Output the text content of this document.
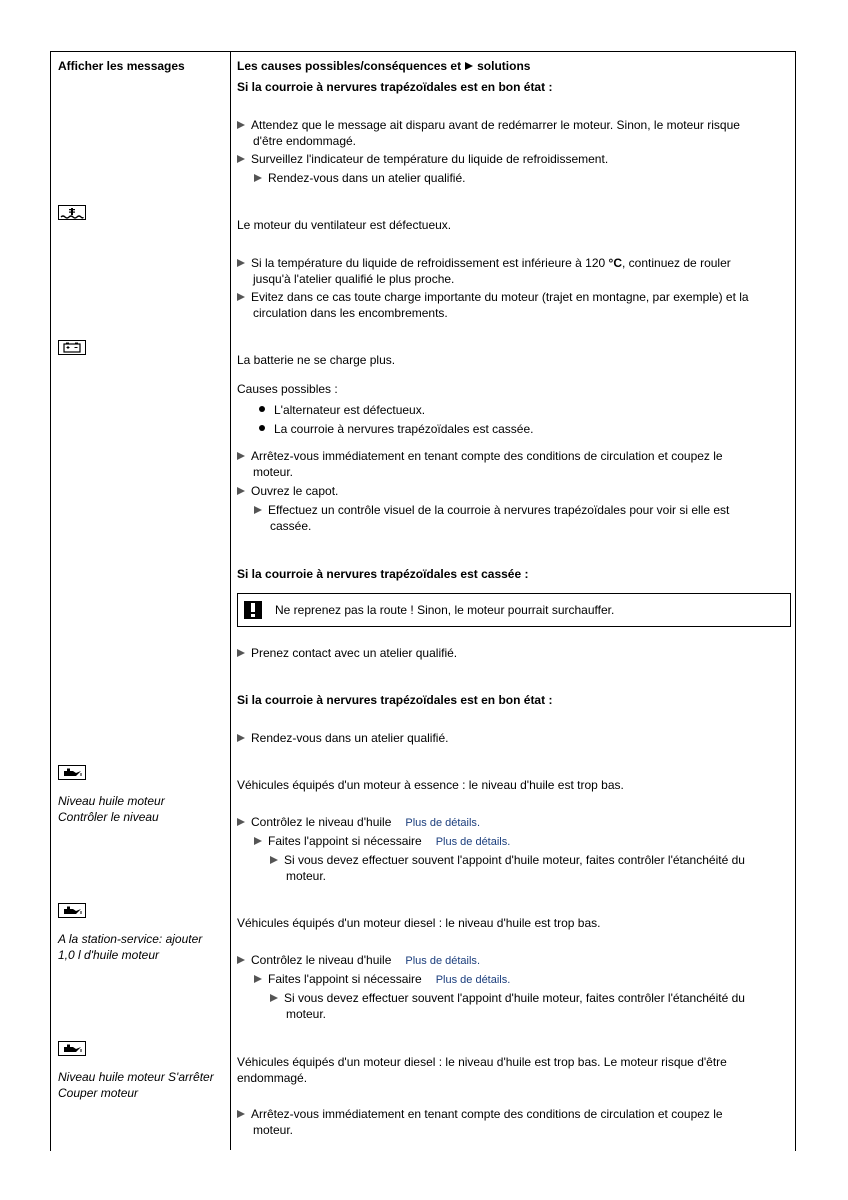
Afficher les messages	Les causes possibles/conséquences et solutions
Si la courroie à nervures trapézoïdales est en bon état :
Attendez que le message ait disparu avant de redémarrer le moteur. Sinon, le moteur risque
d'être endommagé.
Surveillez l'indicateur de température du liquide de refroidissement.
Rendez-vous dans un atelier qualifié.
Le moteur du ventilateur est défectueux.
Si la température du liquide de refroidissement est inférieure à 120 °C, continuez de rouler
jusqu'à l'atelier qualifié le plus proche.
Evitez dans ce cas toute charge importante du moteur (trajet en montagne, par exemple) et la
circulation dans les encombrements.
La batterie ne se charge plus.
Causes possibles :
L'alternateur est défectueux.
La courroie à nervures trapézoïdales est cassée.
Arrêtez-vous immédiatement en tenant compte des conditions de circulation et coupez le
moteur.
Ouvrez le capot.
Effectuez un contrôle visuel de la courroie à nervures trapézoïdales pour voir si elle est
cassée.
Si la courroie à nervures trapézoïdales est cassée :
Ne reprenez pas la route ! Sinon, le moteur pourrait surchauffer.
Prenez contact avec un atelier qualifié.
Si la courroie à nervures trapézoïdales est en bon état :
Rendez-vous dans un atelier qualifié.
Niveau huile moteur
Contrôler le niveau
Véhicules équipés d'un moteur à essence : le niveau d'huile est trop bas.
Contrôlez le niveau d'huile Plus de détails.
Faites l'appoint si nécessaire Plus de détails.
Si vous devez effectuer souvent l'appoint d'huile moteur, faites contrôler l'étanchéité du
moteur.
A la station-service: ajouter
1,0 l d'huile moteur
Véhicules équipés d'un moteur diesel : le niveau d'huile est trop bas.
Contrôlez le niveau d'huile Plus de détails.
Faites l'appoint si nécessaire Plus de détails.
Si vous devez effectuer souvent l'appoint d'huile moteur, faites contrôler l'étanchéité du
moteur.
Niveau huile moteur S'arrêter
Couper moteur
Véhicules équipés d'un moteur diesel : le niveau d'huile est trop bas. Le moteur risque d'être
endommagé.
Arrêtez-vous immédiatement en tenant compte des conditions de circulation et coupez le
moteur.
